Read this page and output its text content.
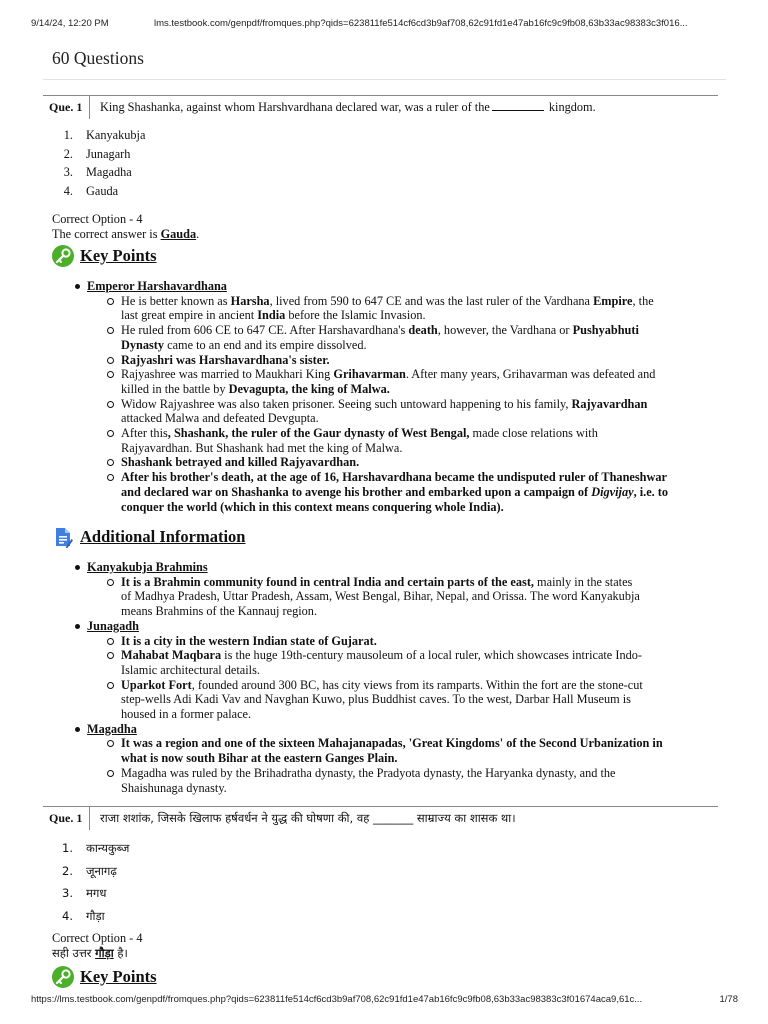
9/14/24, 12:20 PM	lms.testbook.com/genpdf/fromques.php?qids=623811fe514cf6cd3b9af708,62c91fd1e47ab16fc9c9fb08,63b33ac98383c3f016...
60 Questions
Que. 1	King Shashanka, against whom Harshvardhana declared war, was a ruler of the	kingdom.
1. Kanyakubja
2. Junagarh
3. Magadha
4. Gauda
Correct Option - 4
The correct answer is Gauda.
Key Points
Emperor Harshavardhana
He is better known as Harsha, lived from 590 to 647 CE and was the last ruler of the Vardhana Empire, the
last great empire in ancient India before the Islamic Invasion.
He ruled from 606 CE to 647 CE. After Harshavardhana's death, however, the Vardhana or Pushyabhuti
Dynasty came to an end and its empire dissolved.
Rajyashri was Harshavardhana's sister.
Rajyashree was married to Maukhari King Grihavarman. After many years, Grihavarman was defeated and
killed in the battle by Devagupta, the king of Malwa.
Widow Rajyashree was also taken prisoner. Seeing such untoward happening to his family, Rajyavardhan
attacked Malwa and defeated Devgupta.
After this, Shashank, the ruler of the Gaur dynasty of West Bengal, made close relations with
Rajyavardhan. But Shashank had met the king of Malwa.
Shashank betrayed and killed Rajyavardhan.
After his brother's death, at the age of 16, Harshavardhana became the undisputed ruler of Thaneshwar
and declared war on Shashanka to avenge his brother and embarked upon a campaign of Digvijay, i.e. to
conquer the world (which in this context means conquering whole India).
Additional Information
Kanyakubja Brahmins
It is a Brahmin community found in central India and certain parts of the east, mainly in the states
of Madhya Pradesh, Uttar Pradesh, Assam, West Bengal, Bihar, Nepal, and Orissa. The word Kanyakubja
means Brahmins of the Kannauj region.
Junagadh
It is a city in the western Indian state of Gujarat.
Mahabat Maqbara is the huge 19th-century mausoleum of a local ruler, which showcases intricate Indo-
Islamic architectural details.
Uparkot Fort, founded around 300 BC, has city views from its ramparts. Within the fort are the stone-cut
step-wells Adi Kadi Vav and Navghan Kuwo, plus Buddhist caves. To the west, Darbar Hall Museum is
housed in a former palace.
Magadha
It was a region and one of the sixteen Mahajanapadas, 'Great Kingdoms' of the Second Urbanization in
what is now south Bihar at the eastern Ganges Plain.
Magadha was ruled by the Brihadratha dynasty, the Pradyota dynasty, the Haryanka dynasty, and the
Shaishunaga dynasty.
Que. 1	राजा शशांक, जिसके खिलाफ हर्षवर्धन ने युद्ध की घोषणा की, वह _______ साम्राज्य का शासक था।
1. कान्यकुब्ज
2. जूनागढ़
3. मगध
4. गौड़ा
Correct Option - 4
सही उत्तर गौड़ा है।
Key Points
https://lms.testbook.com/genpdf/fromques.php?qids=623811fe514cf6cd3b9af708,62c91fd1e47ab16fc9c9fb08,63b33ac98383c3f01674aca9,61c...	1/78
